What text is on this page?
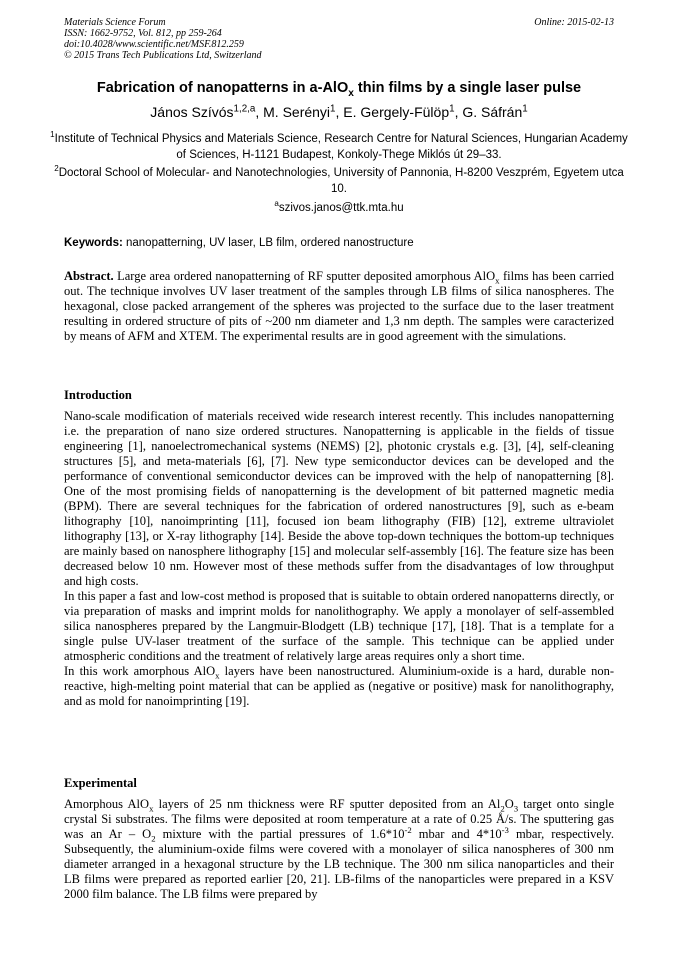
Materials Science Forum
ISSN: 1662-9752, Vol. 812, pp 259-264
doi:10.4028/www.scientific.net/MSF.812.259
© 2015 Trans Tech Publications Ltd, Switzerland
Online: 2015-02-13
Fabrication of nanopatterns in a-AlO$_x$ thin films by a single laser pulse
János Szívós$^{1,2,a}$, M. Serényi$^1$, E. Gergely-Fülöp$^1$, G. Sáfrán$^1$
$^1$Institute of Technical Physics and Materials Science, Research Centre for Natural Sciences, Hungarian Academy of Sciences, H-1121 Budapest, Konkoly-Thege Miklós út 29–33.
$^2$Doctoral School of Molecular- and Nanotechnologies, University of Pannonia, H-8200 Veszprém, Egyetem utca 10.
$^a$szivos.janos@ttk.mta.hu
Keywords: nanopatterning, UV laser, LB film, ordered nanostructure

Abstract. Large area ordered nanopatterning of RF sputter deposited amorphous AlO$_x$ films has been carried out. The technique involves UV laser treatment of the samples through LB films of silica nanospheres. The hexagonal, close packed arrangement of the spheres was projected to the surface due to the laser treatment resulting in ordered structure of pits of ~200 nm diameter and 1,3 nm depth. The samples were caracterized by means of AFM and XTEM. The experimental results are in good agreement with the simulations.

Introduction

Nano-scale modification of materials received wide research interest recently. This includes nanopatterning i.e. the preparation of nano size ordered structures. Nanopatterning is applicable in the fields of tissue engineering [1], nanoelectromechanical systems (NEMS) [2], photonic crystals e.g. [3], [4], self-cleaning structures [5], and meta-materials [6], [7]. New type semiconductor devices can be developed and the performance of conventional semiconductor devices can be improved with the help of nanopatterning [8]. One of the most promising fields of nanopatterning is the development of bit patterned magnetic media (BPM). There are several techniques for the fabrication of ordered nanostructures [9], such as e-beam lithography [10], nanoimprinting [11], focused ion beam lithography (FIB) [12], extreme ultraviolet lithography [13], or X-ray lithography [14]. Beside the above top-down techniques the bottom-up techniques are mainly based on nanosphere lithography [15] and molecular self-assembly [16]. The feature size has been decreased below 10 nm. However most of these methods suffer from the disadvantages of low throughput and high costs.

In this paper a fast and low-cost method is proposed that is suitable to obtain ordered nanopatterns directly, or via preparation of masks and imprint molds for nanolithography. We apply a monolayer of self-assembled silica nanospheres prepared by the Langmuir-Blodgett (LB) technique [17], [18]. That is a template for a single pulse UV-laser treatment of the surface of the sample. This technique can be applied under atmospheric conditions and the treatment of relatively large areas requires only a short time.

In this work amorphous AlO$_x$ layers have been nanostructured. Aluminium-oxide is a hard, durable non-reactive, high-melting point material that can be applied as (negative or positive) mask for nanolithography, and as mold for nanoimprinting [19].

Experimental

Amorphous AlO$_x$ layers of 25 nm thickness were RF sputter deposited from an $Al_2O_3$ target onto single crystal Si substrates. The films were deposited at room temperature at a rate of 0.25 Å/s. The sputtering gas was an Ar – $O_2$ mixture with the partial pressures of $1.6*10^{-2}$ mbar and $4*10^{-3}$ mbar, respectively. Subsequently, the aluminium-oxide films were covered with a monolayer of silica nanospheres of 300 nm diameter arranged in a hexagonal structure by the LB technique. The 300 nm silica nanoparticles and their LB films were prepared as reported earlier [20, 21]. LB-films of the nanoparticles were prepared in a KSV 2000 film balance. The LB films were prepared by
